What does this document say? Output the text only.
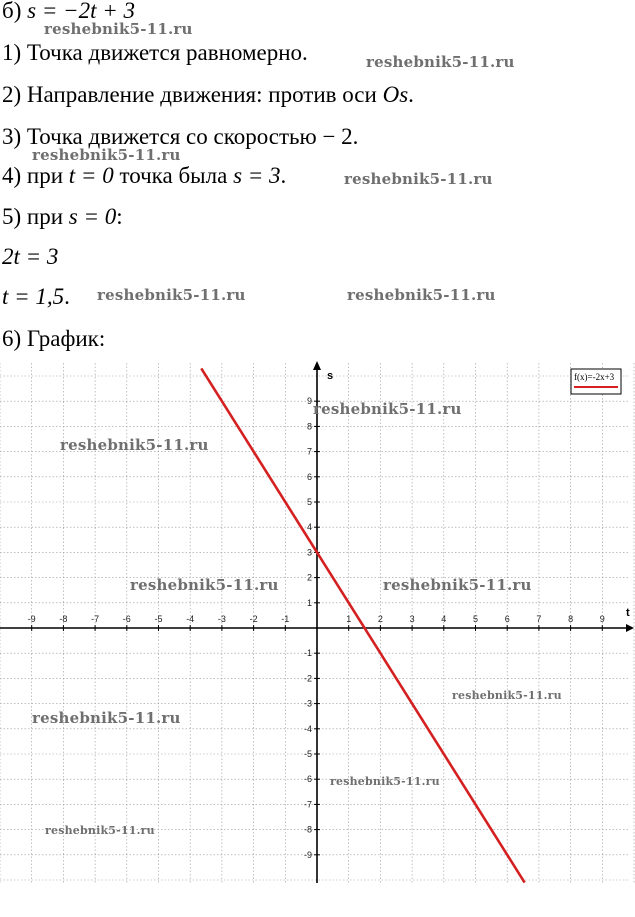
б) s = −2t + 3
1) Точка движется равномерно.
2) Направление движения: против оси Os.
3) Точка движется со скоростью − 2.
4) при t = 0 точка была s = 3.
5) при s = 0:
2t = 3
t = 1,5.
6) График:
reshebnik5-11.ru
reshebnik5-11.ru
reshebnik5-11.ru
reshebnik5-11.ru
reshebnik5-11.ru	reshebnik5-11.ru
t
s
-9	-8	-7	-6	-5	-4	-3	-2	-1	1	2	3	4	5	6	7	8	9
9
8
7
6
5
4
3
2
1
-1
-2
-3
-4
-5
-6
-7
-8
-9
f(x)=-2x+3
reshebnik5-11.ru
reshebnik5-11.ru
reshebnik5-11.ru	reshebnik5-11.ru
reshebnik5-11.ru
reshebnik5-11.ru
reshebnik5-11.ru
reshebnik5-11.ru
